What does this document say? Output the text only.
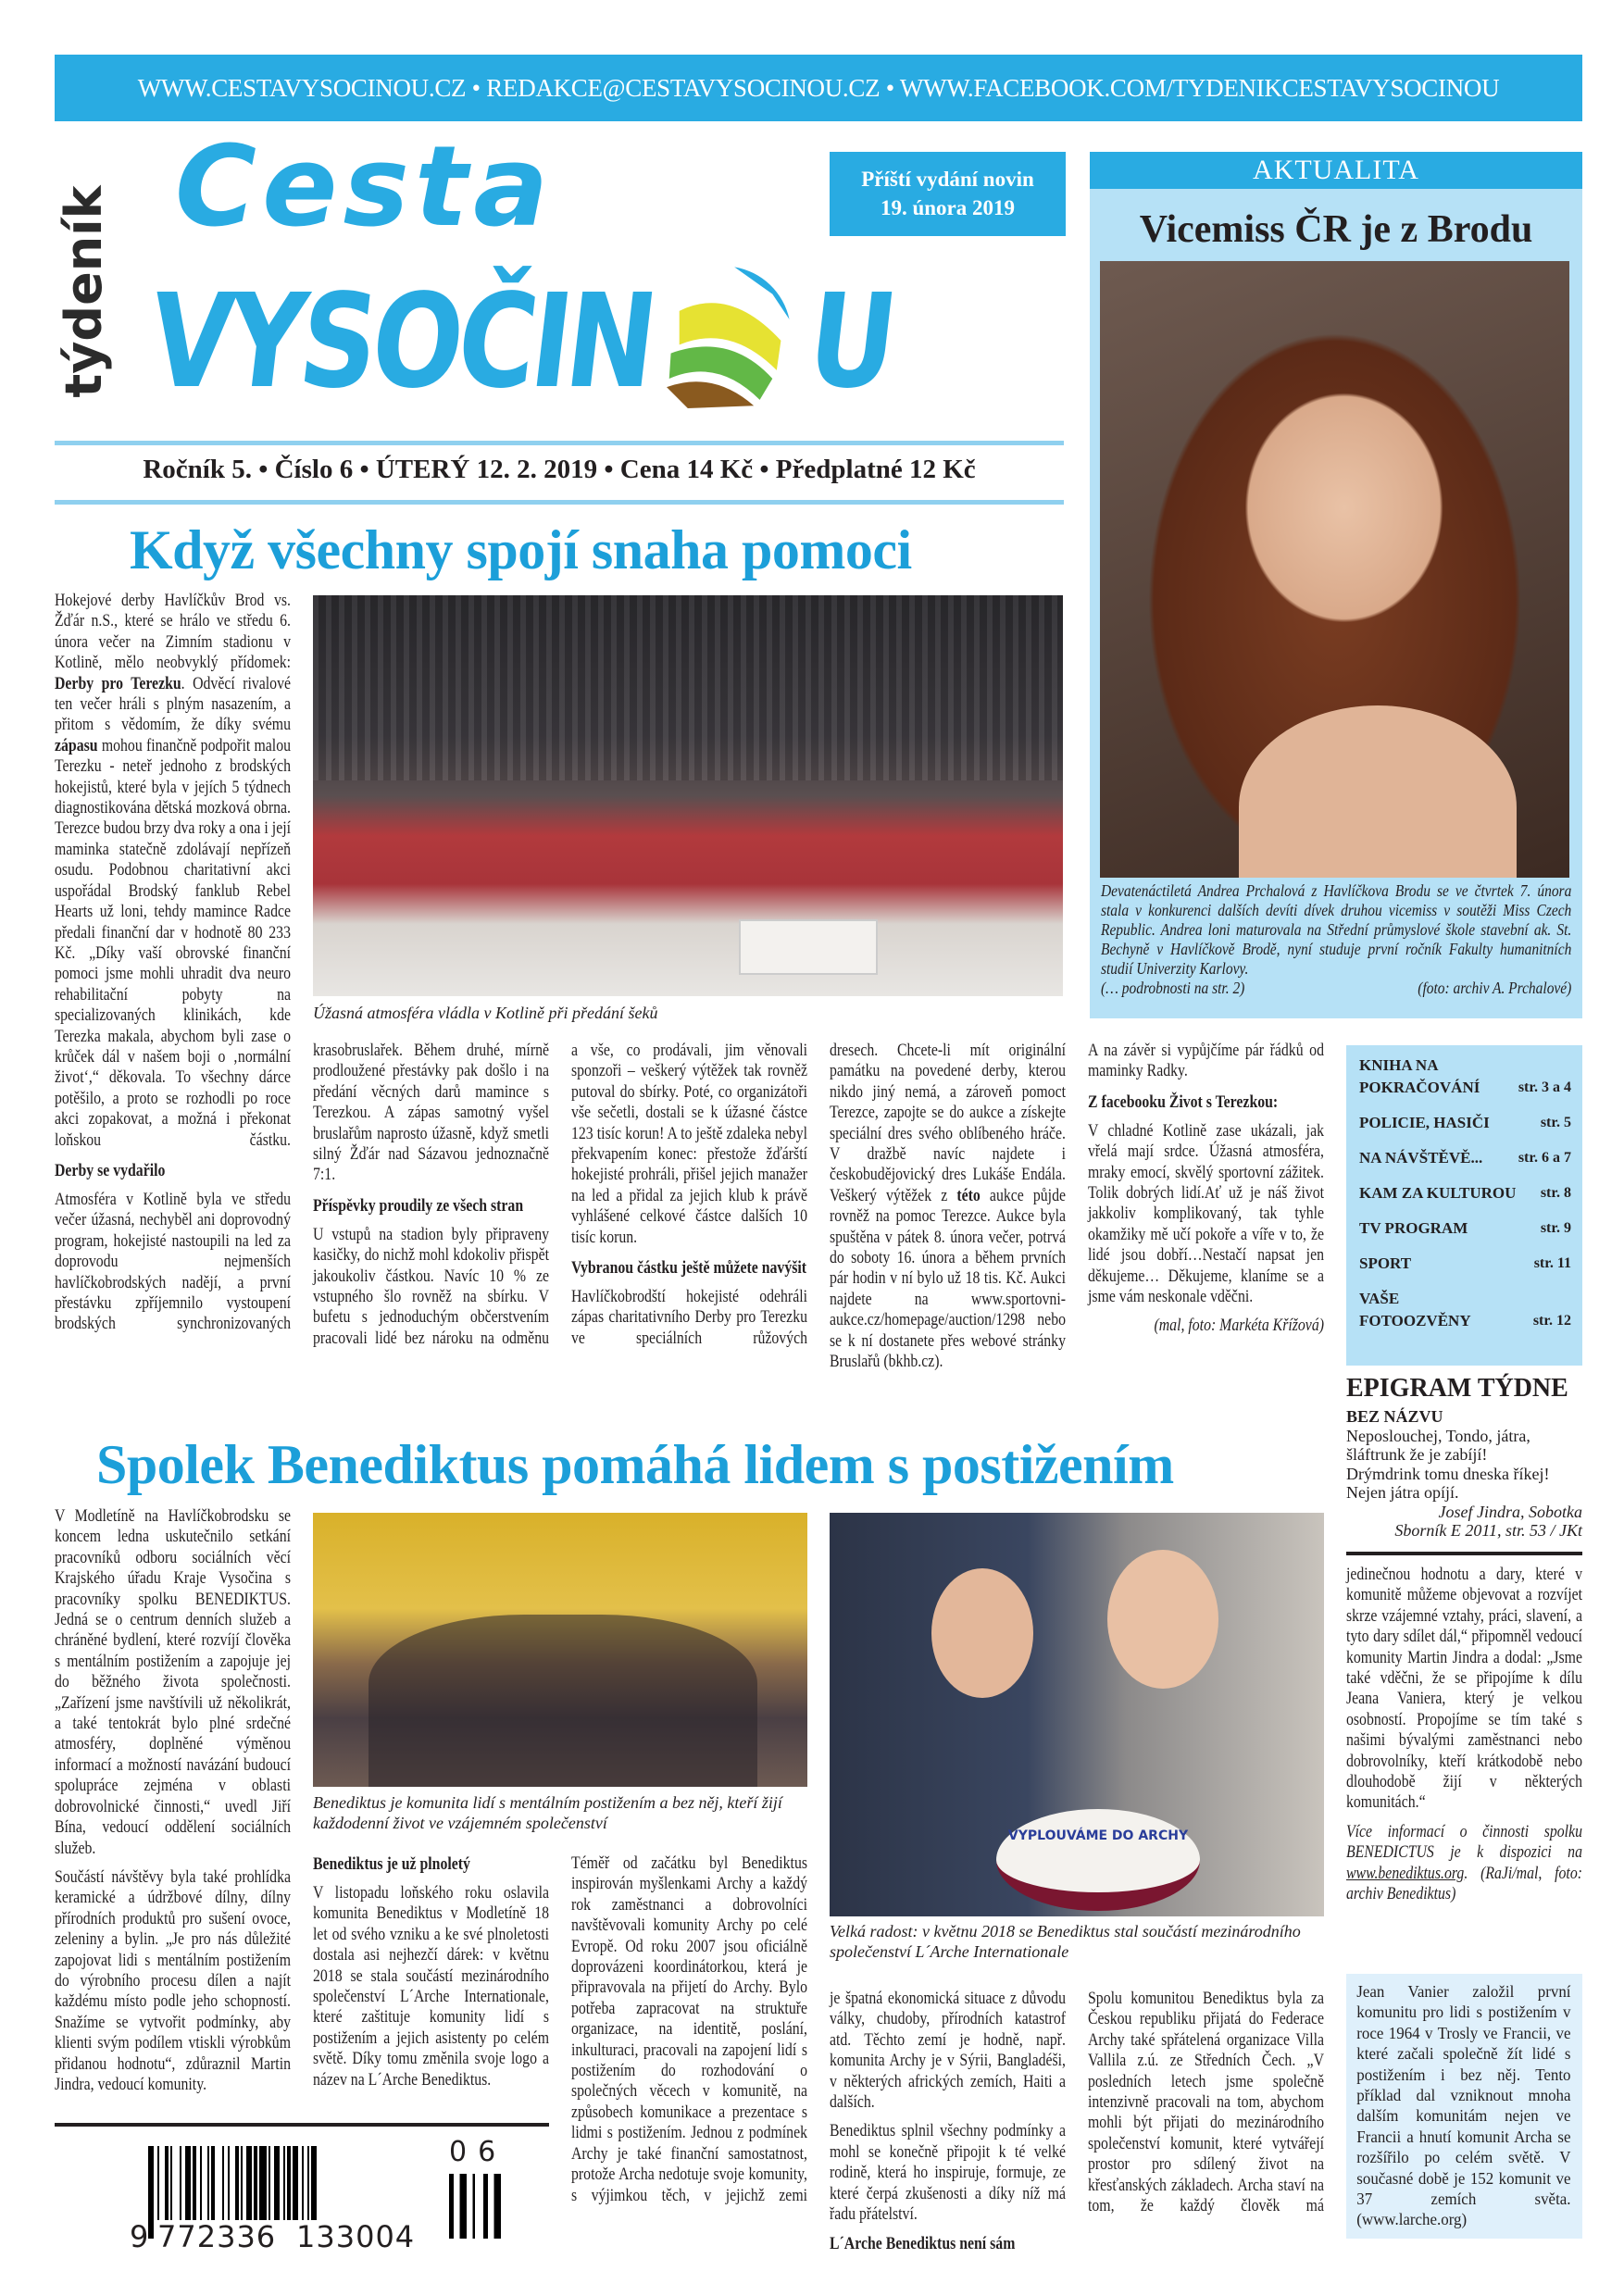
WWW.CESTAVYSOCINOU.CZ • REDAKCE@CESTAVYSOCINOU.CZ • WWW.FACEBOOK.COM/TYDENIKCESTAVYSOCINOU
týdeník Cesta
VYSOČIN U
Příští vydání novin
19. února 2019
Ročník 5. • Číslo 6 • ÚTERÝ 12. 2. 2019 • Cena 14 Kč • Předplatné 12 Kč
AKTUALITA
Vicemiss ČR je z Brodu
Devatenáctiletá Andrea Prchalová z Havlíčkova Brodu se ve čtvrtek 7. února stala v konkurenci dalších devíti dívek druhou vicemiss v soutěži Miss Czech Republic. Andrea loni maturovala na Střední průmyslové škole stavební ak. St. Bechyně v Havlíčkově Brodě, nyní studuje první ročník Fakulty humanitních studií Univerzity Karlovy.
(… podrobnosti na str. 2)	(foto: archiv A. Prchalové)
Když všechny spojí snaha pomoci

Hokejové derby Havlíčkův Brod vs. Žďár n.S., které se hrálo ve středu 6. února večer na Zimním stadionu v Kotlině, mělo neobvyklý přídomek: Derby pro Terezku. Odvěcí rivalové ten večer hráli s plným nasazením, a přitom s vědomím, že díky svému zápasu mohou finančně podpořit malou Terezku - neteř jednoho z brodských hokejistů, které byla v jejích 5 týdnech diagnostikována dětská mozková obrna. Terezce budou brzy dva roky a ona i její maminka statečně zdolávají nepřízeň osudu. Podobnou charitativní akci uspořádal Brodský fanklub Rebel Hearts už loni, tehdy mamince Radce předali finanční dar v hodnotě 80 233 Kč. „Díky vaší obrovské finanční pomoci jsme mohli uhradit dva neuro rehabilitační pobyty na specializovaných klinikách, kde Terezka makala, abychom byli zase o krůček dál v našem boji o ‚normální život‘,“ děkovala. To všechny dárce potěšilo, a proto se rozhodli po roce akci zopakovat, a možná i překonat loňskou částku.

Derby se vydařilo

Atmosféra v Kotlině byla ve středu večer úžasná, nechyběl ani doprovodný program, hokejisté nastoupili na led za doprovodu nejmenších havlíčkobrodských nadějí, a první přestávku zpříjemnilo vystoupení brodských synchronizovaných

Úžasná atmosféra vládla v Kotlině při předání šeků

krasobruslařek. Během druhé, mírně prodloužené přestávky pak došlo i na předání věcných darů mamince s Terezkou. A zápas samotný vyšel bruslařům naprosto úžasně, když smetli silný Žďár nad Sázavou jednoznačně 7:1.

Příspěvky proudily ze všech stran

U vstupů na stadion byly připraveny kasičky, do nichž mohl kdokoliv přispět jakoukoliv částkou. Navíc 10 % ze vstupného šlo rovněž na sbírku. V bufetu s jednoduchým občerstvením pracovali lidé bez nároku na odměnu

a vše, co prodávali, jim věnovali sponzoři – veškerý výtěžek tak rovněž putoval do sbírky. Poté, co organizátoři vše sečetli, dostali se k úžasné částce 123 tisíc korun! A to ještě zdaleka nebyl překvapením konec: přestože žďárští hokejisté prohráli, přišel jejich manažer na led a přidal za jejich klub k právě vyhlášené celkové částce dalších 10 tisíc korun.

Vybranou částku ještě můžete navýšit

Havlíčkobrodští hokejisté odehráli zápas charitativního Derby pro Terezku ve speciálních růžových

dresech. Chcete-li mít originální památku na povedené derby, kterou nikdo jiný nemá, a zároveň pomoct Terezce, zapojte se do aukce a získejte speciální dres svého oblíbeného hráče. V dražbě navíc najdete i českobudějovický dres Lukáše Endála. Veškerý výtěžek z této aukce půjde rovněž na pomoc Terezce. Aukce byla spuštěna v pátek 8. února večer, potrvá do soboty 16. února a během prvních pár hodin v ní bylo už 18 tis. Kč. Aukci najdete na www.sportovniaukce.cz/homepage/auction/1298 nebo se k ní dostanete přes webové stránky Bruslařů (bkhb.cz).

A na závěr si vypůjčíme pár řádků od maminky Radky.

Z facebooku Život s Terezkou:

V chladné Kotlině zase ukázali, jak vřelá mají srdce. Úžasná atmosféra, mraky emocí, skvělý sportovní zážitek. Tolik dobrých lidí.Ať už je náš život jakkoliv komplikovaný, tak tyhle okamžiky mě učí pokoře a víře v to, že lidé jsou dobří…Nestačí napsat jen děkujeme… Děkujeme, klaníme se a jsme vám neskonale vděčni.

(mal, foto: Markéta Křížová)

KNIHA NA POKRAČOVÁNÍ	str. 3 a 4
POLICIE, HASIČI	str. 5
NA NÁVŠTĚVĚ... str. 6 a 7
KAM ZA KULTUROU str. 8
TV PROGRAM	str. 9
SPORT	str. 11
VAŠE FOTOOZVĚNY	str. 12
EPIGRAM TÝDNE
BEZ NÁZVU
Neposlouchej, Tondo, játra,
šláftrunk že je zabíjí!
Drýmdrink tomu dneska říkej!
Nejen játra opíjí.
Josef Jindra, Sobotka
Sborník E 2011, str. 53 / JKt
Spolek Benediktus pomáhá lidem s postižením

V Modletíně na Havlíčkobrodsku se koncem ledna uskutečnilo setkání pracovníků odboru sociálních věcí Krajského úřadu Kraje Vysočina s pracovníky spolku BENEDIKTUS. Jedná se o centrum denních služeb a chráněné bydlení, které rozvíjí člověka s mentálním postižením a zapojuje jej do běžného života společnosti. „Zařízení jsme navštívili už několikrát, a také tentokrát bylo plné srdečné atmosféry, doplněné výměnou informací a možností navázání budoucí spolupráce zejména v oblasti dobrovolnické činnosti,“ uvedl Jiří Bína, vedoucí oddělení sociálních služeb.

Součástí návštěvy byla také prohlídka keramické a údržbové dílny, dílny přírodních produktů pro sušení ovoce, zeleniny a bylin. „Je pro nás důležité zapojovat lidi s mentálním postižením do výrobního procesu dílen a najít každému místo podle jeho schopností. Snažíme se vytvořit podmínky, aby klienti svým podílem vtiskli výrobkům přidanou hodnotu“, zdůraznil Martin Jindra, vedoucí komunity.

Benediktus je komunita lidí s mentálním postižením a bez něj, kteří žijí každodenní život ve vzájemném společenství
VYPLOUVÁME DO ARCHY
Velká radost: v květnu 2018 se Benediktus stal součástí mezinárodního společenství L´Arche Internationale
Benediktus je už plnoletý

V listopadu loňského roku oslavila komunita Benediktus v Modletíně 18 let od svého vzniku a ke své plnoletosti dostala asi nejhezčí dárek: v květnu 2018 se stala součástí mezinárodního společenství L´Arche Internationale, které zaštituje komunity lidí s postižením a jejich asistenty po celém světě. Díky tomu změnila svoje logo a název na L´Arche Benediktus.

Téměř od začátku byl Benediktus inspirován myšlenkami Archy a každý rok zaměstnanci a dobrovolníci navštěvovali komunity Archy po celé Evropě. Od roku 2007 jsou oficiálně doprovázeni koordinátorkou, která je připravovala na přijetí do Archy. Bylo potřeba zapracovat na struktuře organizace, na identitě, poslání, inkulturaci, pracovali na zapojení lidí s postižením do rozhodování o společných věcech v komunitě, na způsobech komunikace a prezentace s lidmi s postižením. Jednou z podmínek Archy je také finanční samostatnost, protože Archa nedotuje svoje komunity, s výjimkou těch, v jejichž zemi

je špatná ekonomická situace z důvodu války, chudoby, přírodních katastrof atd. Těchto zemí je hodně, např. komunita Archy je v Sýrii, Bangladéši, v některých afrických zemích, Haiti a dalších.

Benediktus splnil všechny podmínky a mohl se konečně připojit k té velké rodině, která ho inspiruje, formuje, ze které čerpá zkušenosti a díky níž má řadu přátelství.

L´Arche Benediktus není sám

Spolu komunitou Benediktus byla za Českou republiku přijatá do Federace Archy také spřátelená organizace Villa Vallila z.ú. ze Středních Čech. „V posledních letech jsme společně intenzivně pracovali na tom, abychom mohli být přijati do mezinárodního společenství komunit, které vytvářejí prostor pro sdílený život na křesťanských základech. Archa staví na tom, že každý člověk má

jedinečnou hodnotu a dary, které v komunitě můžeme objevovat a rozvíjet skrze vzájemné vztahy, práci, slavení, a tyto dary sdílet dál,“ připomněl vedoucí komunity Martin Jindra a dodal: „Jsme také vděčni, že se připojíme k dílu Jeana Vaniera, který je velkou osobností. Propojíme se tím také s našimi bývalými zaměstnanci nebo dobrovolníky, kteří krátkodobě nebo dlouhodobě žijí v některých komunitách.“

Více informací o činnosti spolku BENEDICTUS je k dispozici na www.benediktus.org. (RaJi/mal, foto: archiv Benediktus)

Jean Vanier založil první komunitu pro lidi s postižením v roce 1964 v Trosly ve Francii, ve které začali společně žít lidé s postižením i bez něj. Tento příklad dal vzniknout mnoha dalším komunitám nejen ve Francii a hnutí komunit Archa se rozšířilo po celém světě. V současné době je 152 komunit ve 37 zemích světa. (www.larche.org)
9 772336 133004
06
